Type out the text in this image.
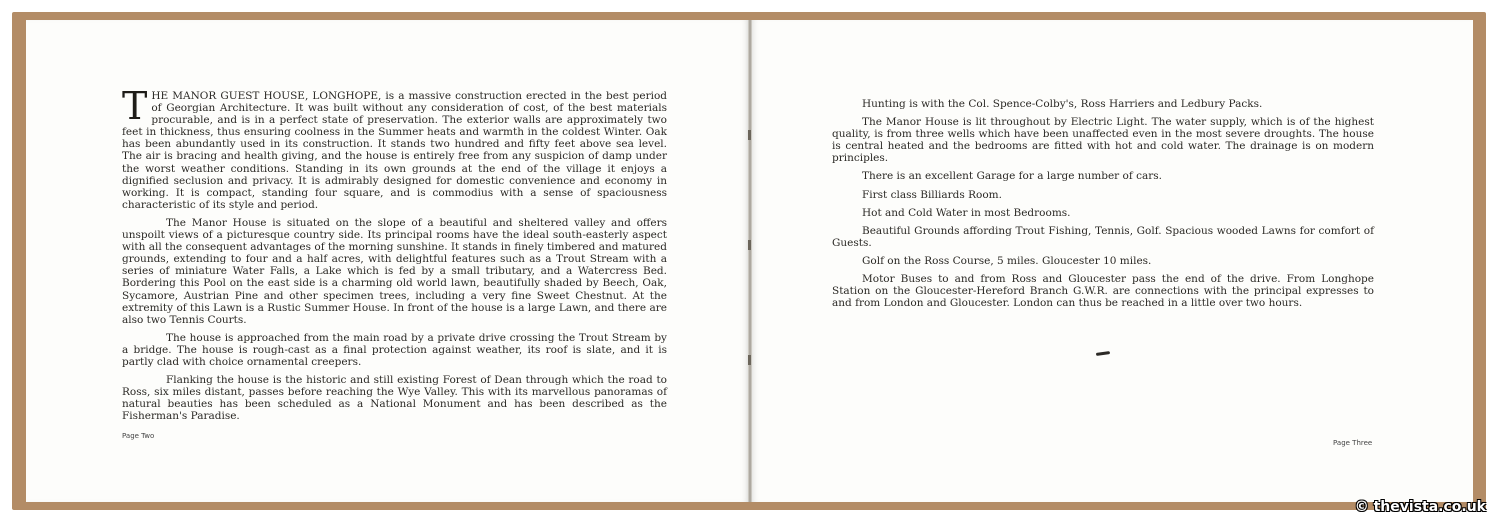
THE MANOR GUEST HOUSE, LONGHOPE, is a massive construction erected in the best period of Georgian Architecture. It was built without any consideration of cost, of the best materials procurable, and is in a perfect state of preservation. The exterior walls are approximately two feet in thickness, thus ensuring coolness in the Summer heats and warmth in the coldest Winter. Oak has been abundantly used in its construction. It stands two hundred and fifty feet above sea level. The air is bracing and health giving, and the house is entirely free from any suspicion of damp under the worst weather conditions. Standing in its own grounds at the end of the village it enjoys a dignified seclusion and privacy. It is admirably designed for domestic convenience and economy in working. It is compact, standing four square, and is commodius with a sense of spaciousness characteristic of its style and period.

The Manor House is situated on the slope of a beautiful and sheltered valley and offers unspoilt views of a picturesque country side. Its principal rooms have the ideal south-easterly aspect with all the consequent advantages of the morning sunshine. It stands in finely timbered and matured grounds, extending to four and a half acres, with delightful features such as a Trout Stream with a series of miniature Water Falls, a Lake which is fed by a small tributary, and a Watercress Bed. Bordering this Pool on the east side is a charming old world lawn, beautifully shaded by Beech, Oak, Sycamore, Austrian Pine and other specimen trees, including a very fine Sweet Chestnut. At the extremity of this Lawn is a Rustic Summer House. In front of the house is a large Lawn, and there are also two Tennis Courts.

The house is approached from the main road by a private drive crossing the Trout Stream by a bridge. The house is rough-cast as a final protection against weather, its roof is slate, and it is partly clad with choice ornamental creepers.

Flanking the house is the historic and still existing Forest of Dean through which the road to Ross, six miles distant, passes before reaching the Wye Valley. This with its marvellous panoramas of natural beauties has been scheduled as a National Monument and has been described as the Fisherman's Paradise.

Page Two

Hunting is with the Col. Spence-Colby's, Ross Harriers and Ledbury Packs.

The Manor House is lit throughout by Electric Light. The water supply, which is of the highest quality, is from three wells which have been unaffected even in the most severe droughts. The house is central heated and the bedrooms are fitted with hot and cold water. The drainage is on modern principles.

There is an excellent Garage for a large number of cars.

First class Billiards Room.

Hot and Cold Water in most Bedrooms.

Beautiful Grounds affording Trout Fishing, Tennis, Golf. Spacious wooded Lawns for comfort of Guests.

Golf on the Ross Course, 5 miles. Gloucester 10 miles.

Motor Buses to and from Ross and Gloucester pass the end of the drive. From Longhope Station on the Gloucester-Hereford Branch G.W.R. are connections with the principal expresses to and from London and Gloucester. London can thus be reached in a little over two hours.

Page Three
© thevista.co.uk
